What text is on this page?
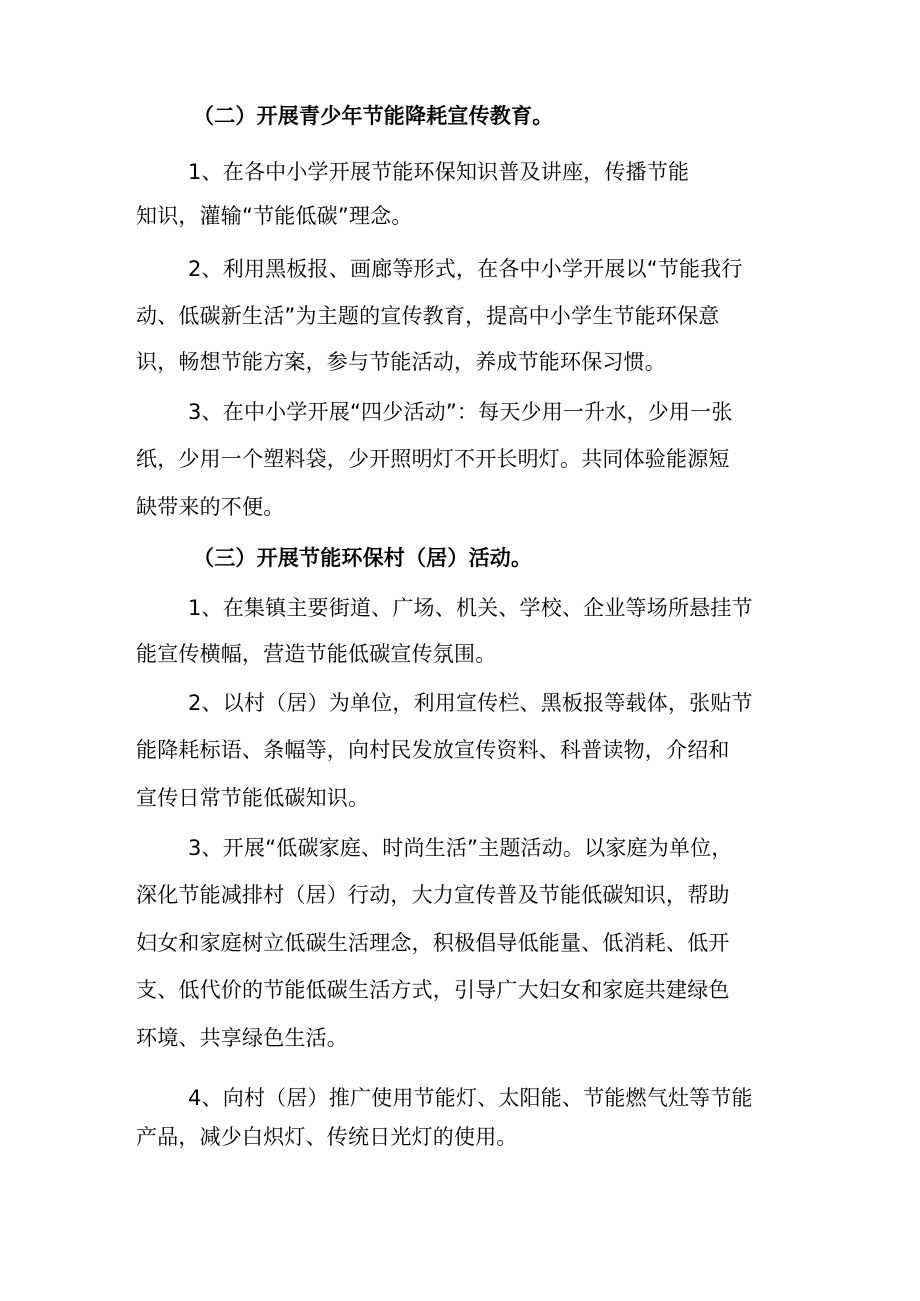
（二）开展青少年节能降耗宣传教育。
1、在各中小学开展节能环保知识普及讲座，传播节能
知识，灌输“节能低碳”理念。
2、利用黑板报、画廊等形式，在各中小学开展以“节能我行
动、低碳新生活”为主题的宣传教育，提高中小学生节能环保意
识，畅想节能方案，参与节能活动，养成节能环保习惯。
3、在中小学开展“四少活动”：每天少用一升水，少用一张
纸，少用一个塑料袋，少开照明灯不开长明灯。共同体验能源短
缺带来的不便。
（三）开展节能环保村（居）活动。
1、在集镇主要街道、广场、机关、学校、企业等场所悬挂节
能宣传横幅，营造节能低碳宣传氛围。
2、以村（居）为单位，利用宣传栏、黑板报等载体，张贴节
能降耗标语、条幅等，向村民发放宣传资料、科普读物，介绍和
宣传日常节能低碳知识。
3、开展“低碳家庭、时尚生活”主题活动。以家庭为单位，
深化节能减排村（居）行动，大力宣传普及节能低碳知识，帮助
妇女和家庭树立低碳生活理念，积极倡导低能量、低消耗、低开
支、低代价的节能低碳生活方式，引导广大妇女和家庭共建绿色
环境、共享绿色生活。
4、向村（居）推广使用节能灯、太阳能、节能燃气灶等节能
产品，减少白炽灯、传统日光灯的使用。
